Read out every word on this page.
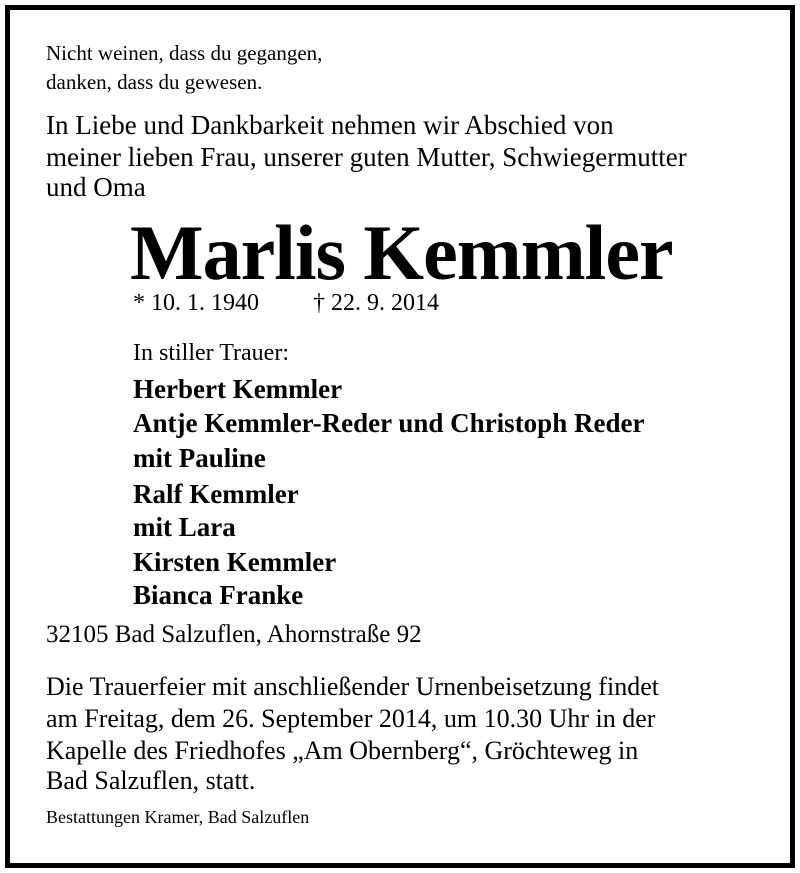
Nicht weinen, dass du gegangen,
danken, dass du gewesen.
In Liebe und Dankbarkeit nehmen wir Abschied von
meiner lieben Frau, unserer guten Mutter, Schwiegermutter
und Oma
Marlis Kemmler
* 10. 1. 1940 † 22. 9. 2014
In stiller Trauer:
Herbert Kemmler
Antje Kemmler-Reder und Christoph Reder
mit Pauline
Ralf Kemmler
mit Lara
Kirsten Kemmler
Bianca Franke
32105 Bad Salzuflen, Ahornstraße 92
Die Trauerfeier mit anschließender Urnenbeisetzung findet
am Freitag, dem 26. September 2014, um 10.30 Uhr in der
Kapelle des Friedhofes „Am Obernberg“, Gröchteweg in
Bad Salzuflen, statt.
Bestattungen Kramer, Bad Salzuflen
